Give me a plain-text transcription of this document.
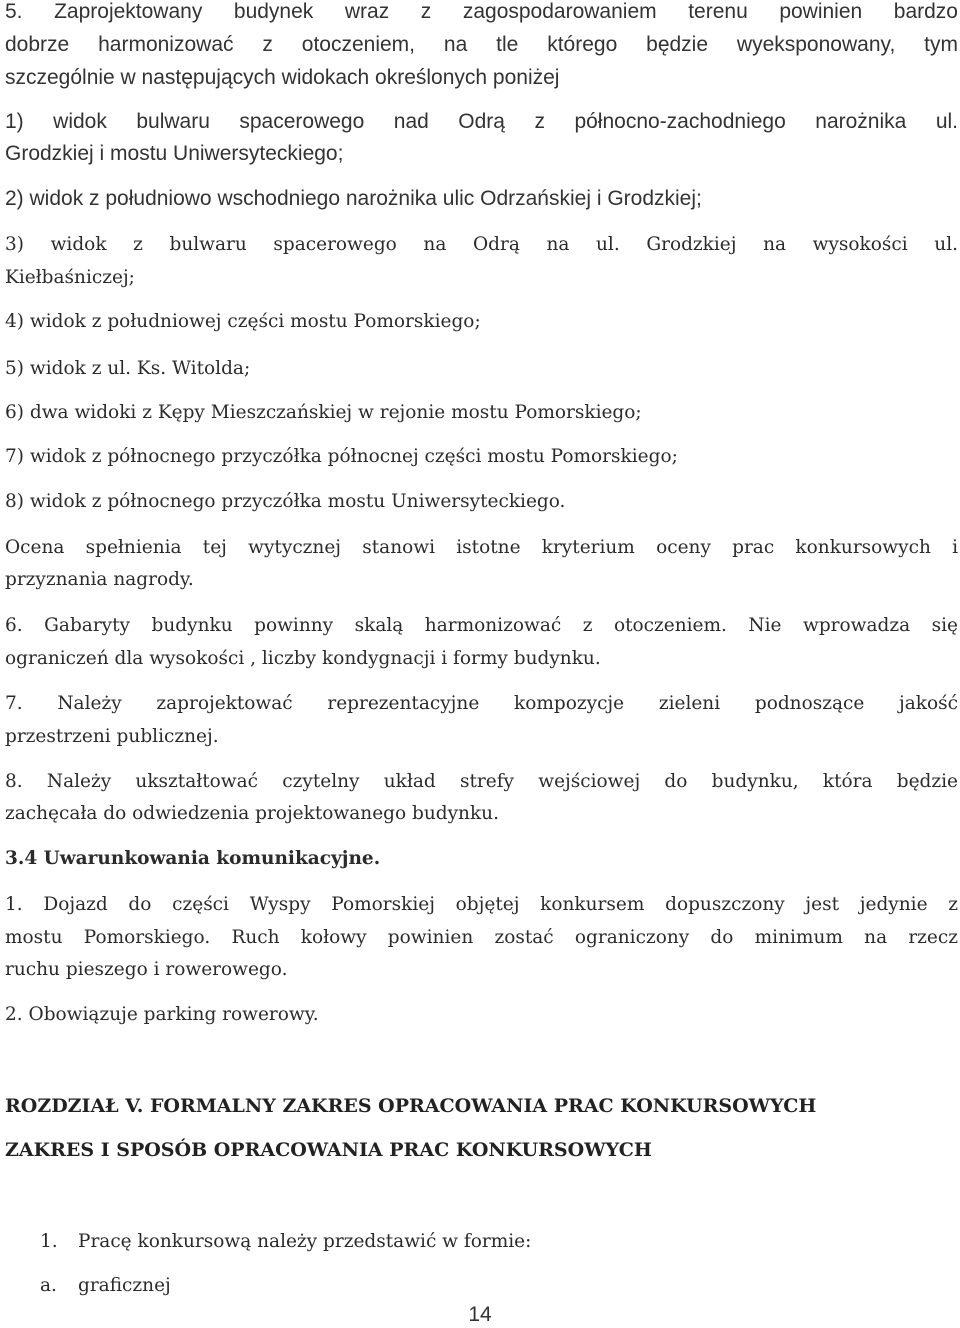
5. Zaprojektowany budynek wraz z zagospodarowaniem terenu powinien bardzo
dobrze harmonizować z otoczeniem, na tle którego będzie wyeksponowany, tym
szczególnie w następujących widokach określonych poniżej
1) widok bulwaru spacerowego nad Odrą z północno-zachodniego narożnika ul.
Grodzkiej i mostu Uniwersyteckiego;
2) widok z południowo wschodniego narożnika ulic Odrzańskiej i Grodzkiej;
3) widok z bulwaru spacerowego na Odrą na ul. Grodzkiej na wysokości ul.
Kiełbaśniczej;
4) widok z południowej części mostu Pomorskiego;
5) widok z ul. Ks. Witolda;
6) dwa widoki z Kępy Mieszczańskiej w rejonie mostu Pomorskiego;
7) widok z północnego przyczółka północnej części mostu Pomorskiego;
8) widok z północnego przyczółka mostu Uniwersyteckiego.
Ocena spełnienia tej wytycznej stanowi istotne kryterium oceny prac konkursowych i
przyznania nagrody.
6. Gabaryty budynku powinny skalą harmonizować z otoczeniem. Nie wprowadza się
ograniczeń dla wysokości , liczby kondygnacji i formy budynku.
7. Należy zaprojektować reprezentacyjne kompozycje zieleni podnoszące jakość
przestrzeni publicznej.
8. Należy ukształtować czytelny układ strefy wejściowej do budynku, która będzie
zachęcała do odwiedzenia projektowanego budynku.
3.4 Uwarunkowania komunikacyjne.
1. Dojazd do części Wyspy Pomorskiej objętej konkursem dopuszczony jest jedynie z
mostu Pomorskiego. Ruch kołowy powinien zostać ograniczony do minimum na rzecz
ruchu pieszego i rowerowego.
2. Obowiązuje parking rowerowy.
ROZDZIAŁ V. FORMALNY ZAKRES OPRACOWANIA PRAC KONKURSOWYCH
ZAKRES I SPOSÓB OPRACOWANIA PRAC KONKURSOWYCH
1. Pracę konkursową należy przedstawić w formie:
a. graficznej
14
